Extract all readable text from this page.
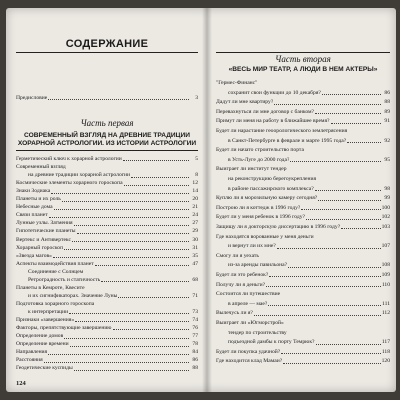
СОДЕРЖАНИЕ
Предисловие	3
Часть первая
СОВРЕМЕННЫЙ ВЗГЛЯД НА ДРЕВНИЕ ТРАДИЦИИ
ХОРАРНОЙ АСТРОЛОГИИ. ИЗ ИСТОРИИ АСТРОЛОГИИ
Герметический ключ к хорарной астрологии	5
Современный взгляд
на древние традиции хорарной астрологии	8
Космические элементы хорарного гороскопа	12
Знаки Зодиака	14
Планеты и их роль	20
Небесные дома	21
Связи планет	24
Лунные узлы. Затмения	27
Гипотетические планеты	29
Вертекс и Антивертекс	30
Хорарный гороскоп	31
«Звезда магов»	35
Аспекты взаимодействия планет	47
Соединение с Солнцем
Ретроградность и статичность	68
Планеты в Кемроте, Квесите
и их сигнификаторах. Значение Луны	71
Подготовка хорарного гороскопа
к интерпретации	73
Признаки «завершения»	74
Факторы, препятствующие завершению	76
Определение домов	77
Определение времени	78
Направления	84
Расстояния	86
Геодетические куспиды	88
124
Часть вторая
«ВЕСЬ МИР ТЕАТР, А ЛЮДИ В НЕМ АКТЕРЫ»
"Гермес-Финанс"
сохранит свои функции до 10 декабря?	86
Дадут ли мне квартиру?	88
Перевахнуться ли мне договор с банком?	89
Примут ли меня на работу в ближайшее время?	91
Будет ли нарастание геоорологического землетрясения
в Санкт-Петербурге в феврале и марте 1995 года?	92
Будет ли начато строительство порта
в Усть-Луге до 2000 года?	95
Выиграет ли институт тендер
на реконструкцию берегоукрепления
в районе пассажирского комплекса?	98
Куплю ли я морозильную камеру сегодня?	99
Построю ли я коттедж в 1996 году?	100
Будет ли у меня ребенок в 1996 году?	102
Защищу ли я докторскую диссертацию в 1996 году?	103
Где находятся ворованные у меня деньги
и вернут ли их мне?	107
Смогу ли я уехать
из-за аренды павильона?	108
Будет ли это ребенок?	109
Получу ли я деньги?	110
Состоится ли путешествие
в апреле — мае?	111
Вылечусь ли я?	112
Выиграет ли «Югморстрой»
тендер по строительству
подъездной дамбы к порту Темрюк?	117
Будет ли покупка удачной?	118
Где находится клад Мамаи?	120
